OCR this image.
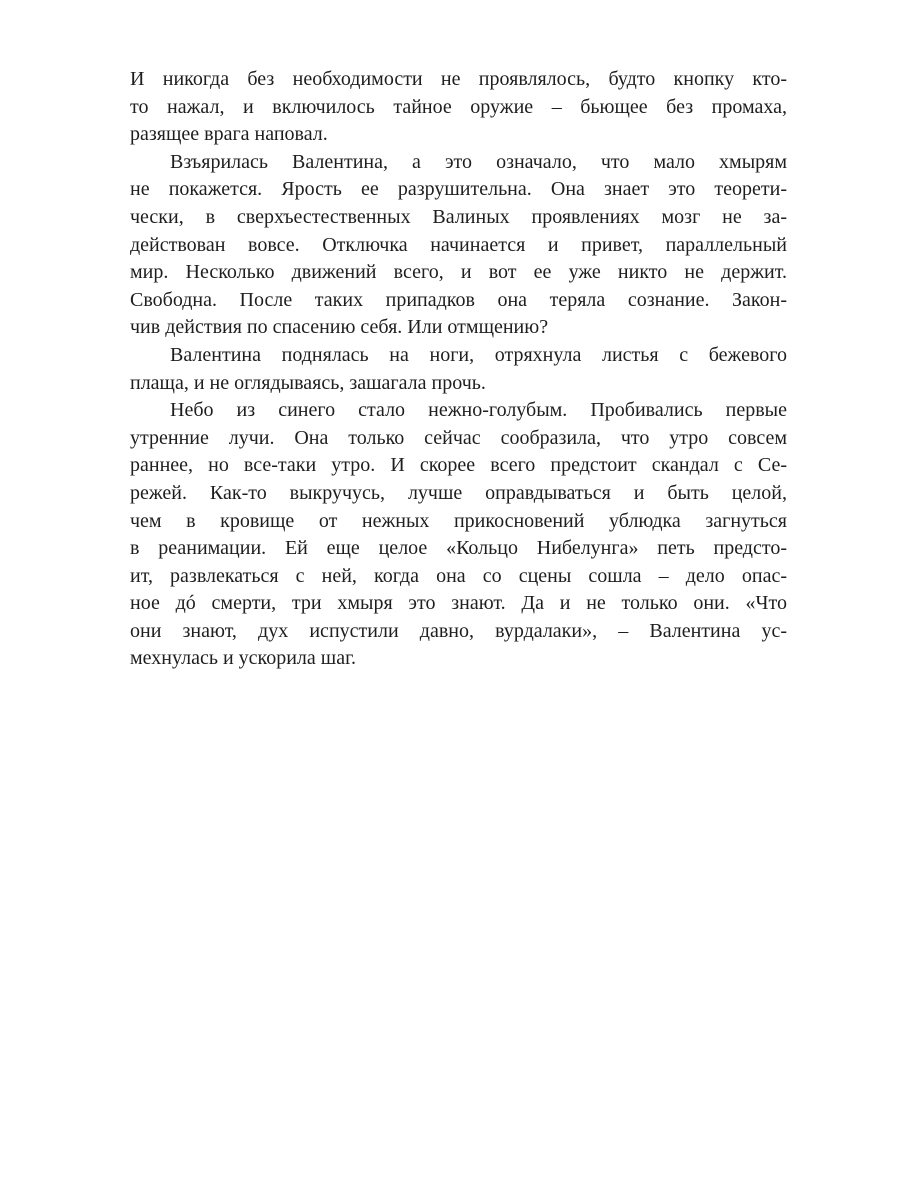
И никогда без необходимости не проявлялось, будто кнопку кто-
то нажал, и включилось тайное оружие – бьющее без промаха,
разящее врага наповал.
Взъярилась Валентина, а это означало, что мало хмырям
не покажется. Ярость ее разрушительна. Она знает это теорети-
чески, в сверхъестественных Валиных проявлениях мозг не за-
действован вовсе. Отключка начинается и привет, параллельный
мир. Несколько движений всего, и вот ее уже никто не держит.
Свободна. После таких припадков она теряла сознание. Закон-
чив действия по спасению себя. Или отмщению?
Валентина поднялась на ноги, отряхнула листья с бежевого
плаща, и не оглядываясь, зашагала прочь.
Небо из синего стало нежно-голубым. Пробивались первые
утренние лучи. Она только сейчас сообразила, что утро совсем
раннее, но все-таки утро. И скорее всего предстоит скандал с Се-
режей. Как-то выкручусь, лучше оправдываться и быть целой,
чем в кровище от нежных прикосновений ублюдка загнуться
в реанимации. Ей еще целое «Кольцо Нибелунга» петь предсто-
ит, развлекаться с ней, когда она со сцены сошла – дело опас-
ное дó смерти, три хмыря это знают. Да и не только они. «Что
они знают, дух испустили давно, вурдалаки», – Валентина ус-
мехнулась и ускорила шаг.
